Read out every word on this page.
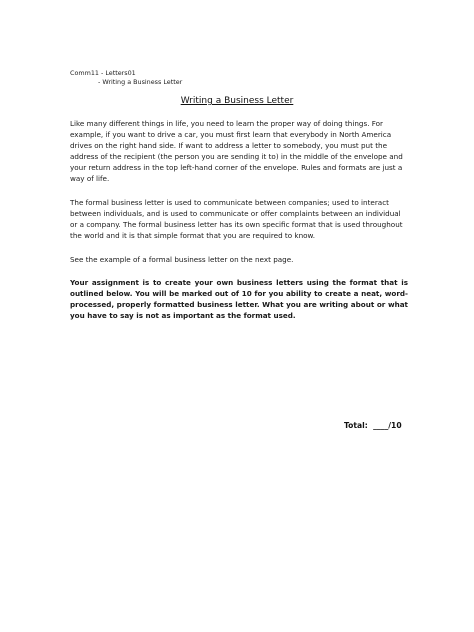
Comm11 - Letters01
- Writing a Business Letter
Writing a Business Letter
Like many different things in life, you need to learn the proper way of doing things. For example, if you want to drive a car, you must first learn that everybody in North America drives on the right hand side. If want to address a letter to somebody, you must put the address of the recipient (the person you are sending it to) in the middle of the envelope and your return address in the top left-hand corner of the envelope. Rules and formats are just a way of life.
The formal business letter is used to communicate between companies; used to interact between individuals, and is used to communicate or offer complaints between an individual or a company. The formal business letter has its own specific format that is used throughout the world and it is that simple format that you are required to know.
See the example of a formal business letter on the next page.
Your assignment is to create your own business letters using the format that is outlined below. You will be marked out of 10 for you ability to create a neat, word-processed, properly formatted business letter. What you are writing about or what you have to say is not as important as the format used.
Total:  ____/10
